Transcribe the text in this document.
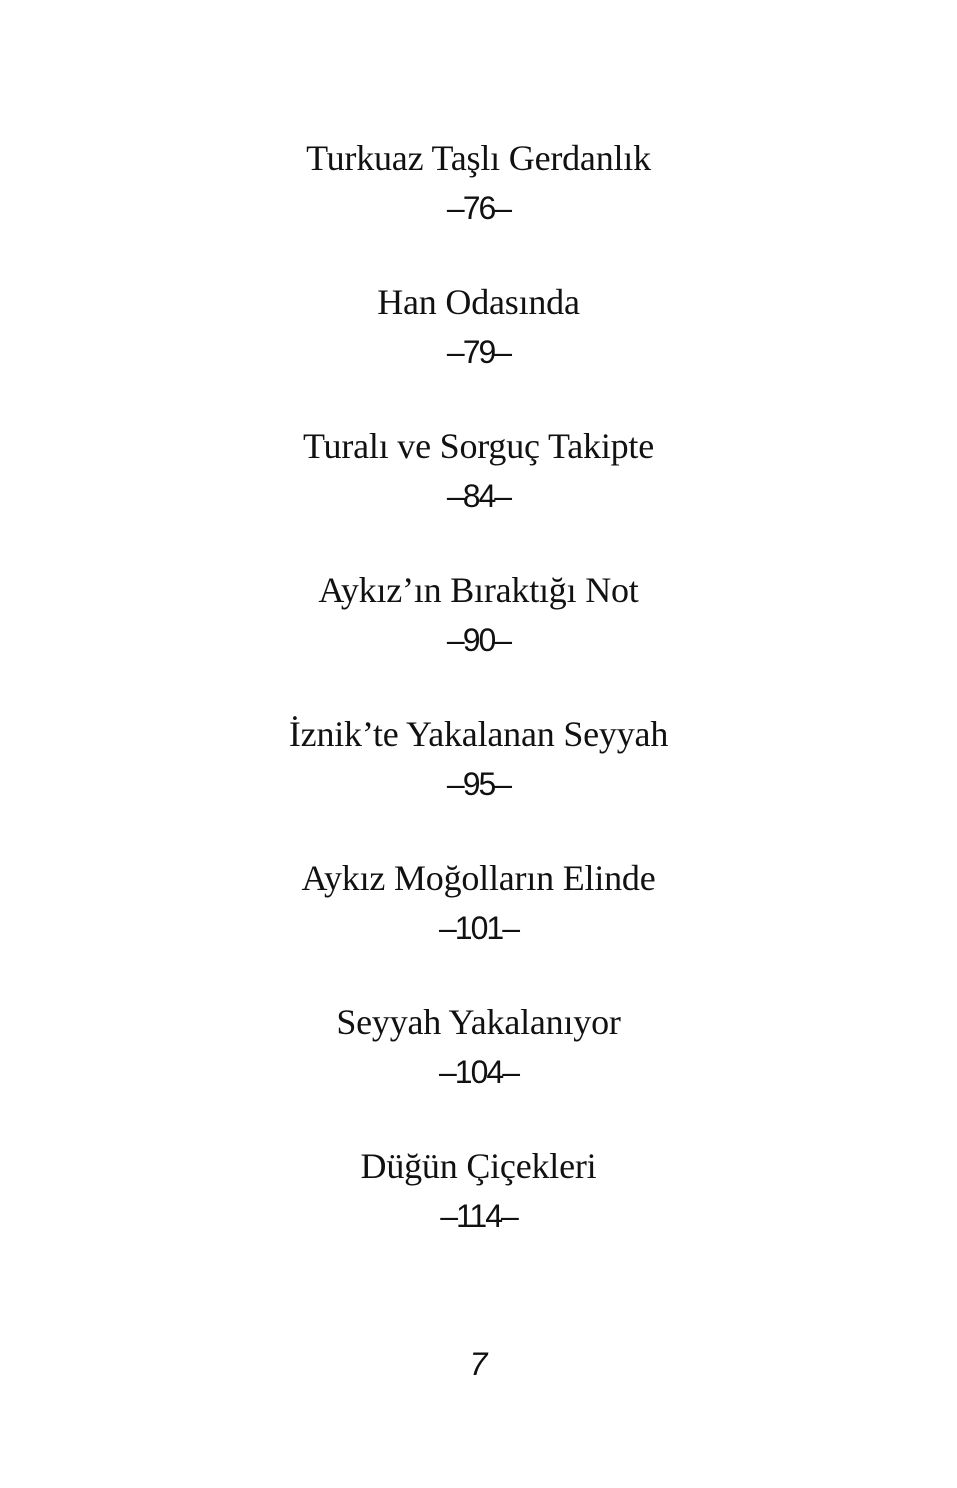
Turkuaz Taşlı Gerdanlık
–76–
Han Odasında
–79–
Turalı ve Sorguç Takipte
–84–
Aykız’ın Bıraktığı Not
–90–
İznik’te Yakalanan Seyyah
–95–
Aykız Moğolların Elinde
–101–
Seyyah Yakalanıyor
–104–
Düğün Çiçekleri
–114–
7
